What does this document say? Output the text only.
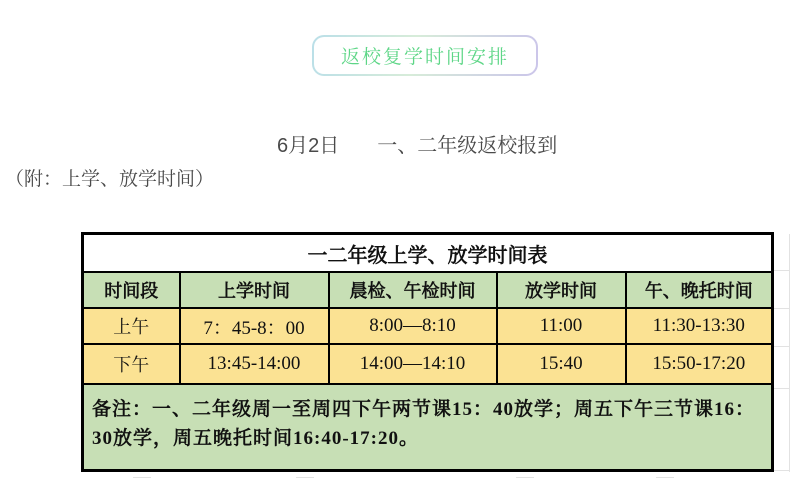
返校复学时间安排
6月2日 一、二年级返校报到
（附：上学、放学时间）
一二年级上学、放学时间表				
时间段	上学时间	晨检、午检时间	放学时间	午、晚托时间
上午	7：45-8：00	8:00—8:10	11:00	11:30-13:30
下午	13:45-14:00	14:00—14:10	15:40	15:50-17:20
备注：一、二年级周一至周四下午两节课15：40放学；周五下午三节课16：30放学，周五晚托时间16:40-17:20。				
